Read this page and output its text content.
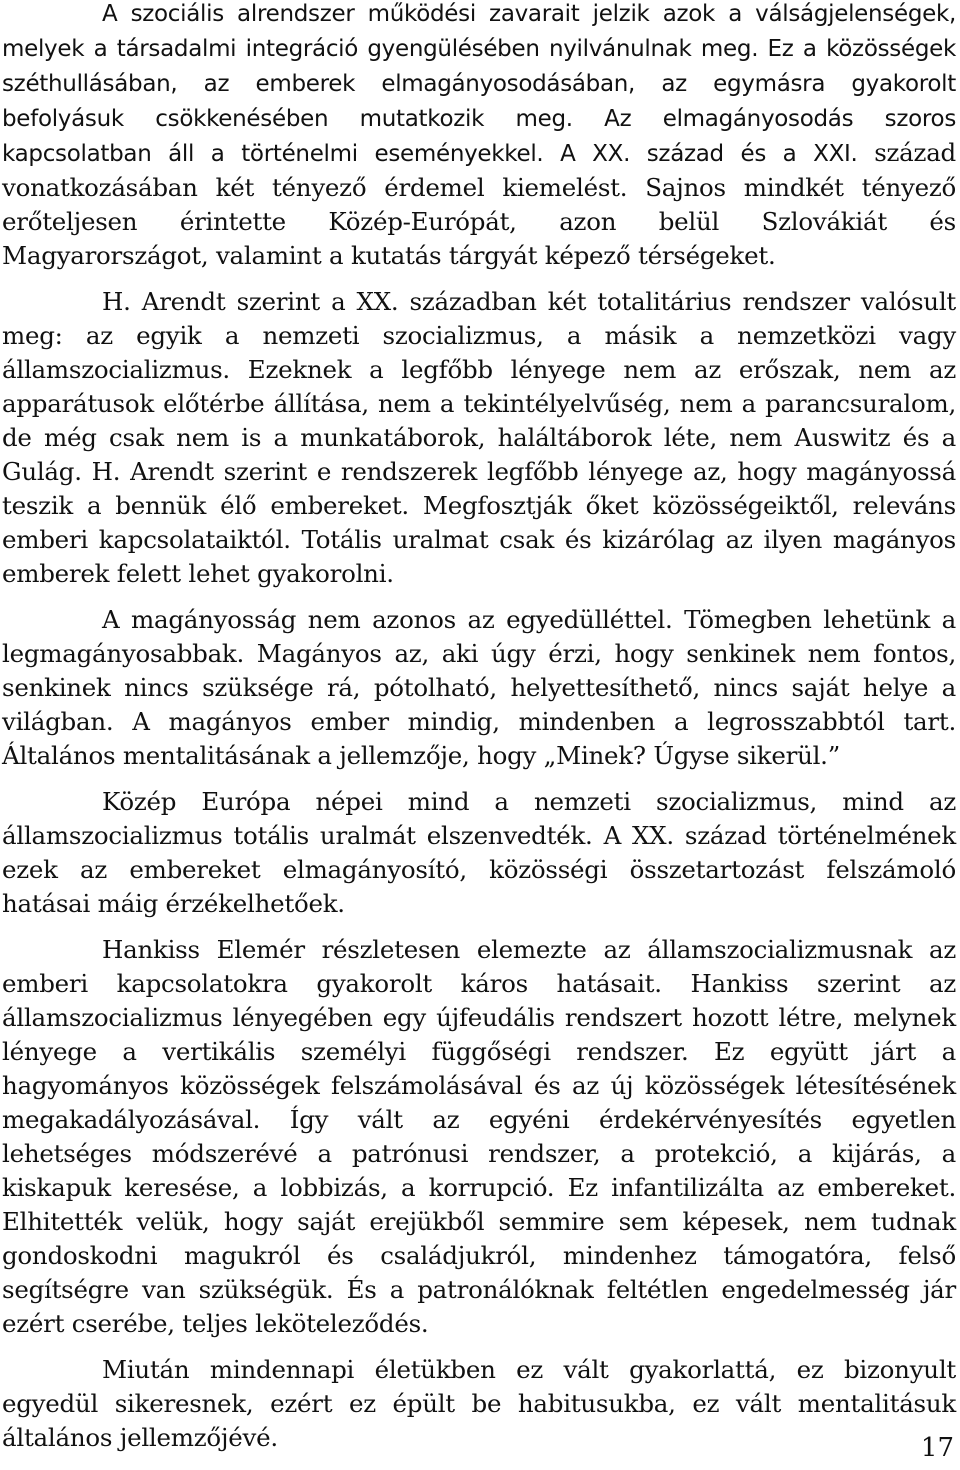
A szociális alrendszer működési zavarait jelzik azok a válságjelenségek, melyek a társadalmi integráció gyengülésében nyilvánulnak meg. Ez a közösségek széthullásában, az emberek elmagányosodásában, az egymásra gyakorolt befolyásuk csökkenésében mutatkozik meg. Az elmagányosodás szoros kapcsolatban áll a történelmi eseményekkel. A XX. század és a XXI. század vonatkozásában két tényező érdemel kiemelést. Sajnos mindkét tényező erőteljesen érintette Közép-Európát, azon belül Szlovákiát és Magyarországot, valamint a kutatás tárgyát képező térségeket.

H. Arendt szerint a XX. században két totalitárius rendszer valósult meg: az egyik a nemzeti szocializmus, a másik a nemzetközi vagy államszocializmus. Ezeknek a legfőbb lényege nem az erőszak, nem az apparátusok előtérbe állítása, nem a tekintélyelvűség, nem a parancsuralom, de még csak nem is a munkatáborok, haláltáborok léte, nem Auswitz és a Gulág. H. Arendt szerint e rendszerek legfőbb lényege az, hogy magányossá teszik a bennük élő embereket. Megfosztják őket közösségeiktől, releváns emberi kapcsolataiktól. Totális uralmat csak és kizárólag az ilyen magányos emberek felett lehet gyakorolni.

A magányosság nem azonos az egyedülléttel. Tömegben lehetünk a legmagányosabbak. Magányos az, aki úgy érzi, hogy senkinek nem fontos, senkinek nincs szüksége rá, pótolható, helyettesíthető, nincs saját helye a világban. A magányos ember mindig, mindenben a legrosszabbtól tart. Általános mentalitásának a jellemzője, hogy „Minek? Úgyse sikerül.”

Közép Európa népei mind a nemzeti szocializmus, mind az államszocializmus totális uralmát elszenvedték. A XX. század történelmének ezek az embereket elmagányosító, közösségi összetartozást felszámoló hatásai máig érzékelhetőek.

Hankiss Elemér részletesen elemezte az államszocializmusnak az emberi kapcsolatokra gyakorolt káros hatásait. Hankiss szerint az államszocializmus lényegében egy újfeudális rendszert hozott létre, melynek lényege a vertikális személyi függőségi rendszer. Ez együtt járt a hagyományos közösségek felszámolásával és az új közösségek létesítésének megakadályozásával. Így vált az egyéni érdekérvényesítés egyetlen lehetséges módszerévé a patrónusi rendszer, a protekció, a kijárás, a kiskapuk keresése, a lobbizás, a korrupció. Ez infantilizálta az embereket. Elhitették velük, hogy saját erejükből semmire sem képesek, nem tudnak gondoskodni magukról és családjukról, mindenhez támogatóra, felső segítségre van szükségük. És a patronálóknak feltétlen engedelmesség jár ezért cserébe, teljes leköteleződés.

Miután mindennapi életükben ez vált gyakorlattá, ez bizonyult egyedül sikeresnek, ezért ez épült be habitusukba, ez vált mentalitásuk általános jellemzőjévé.	17
